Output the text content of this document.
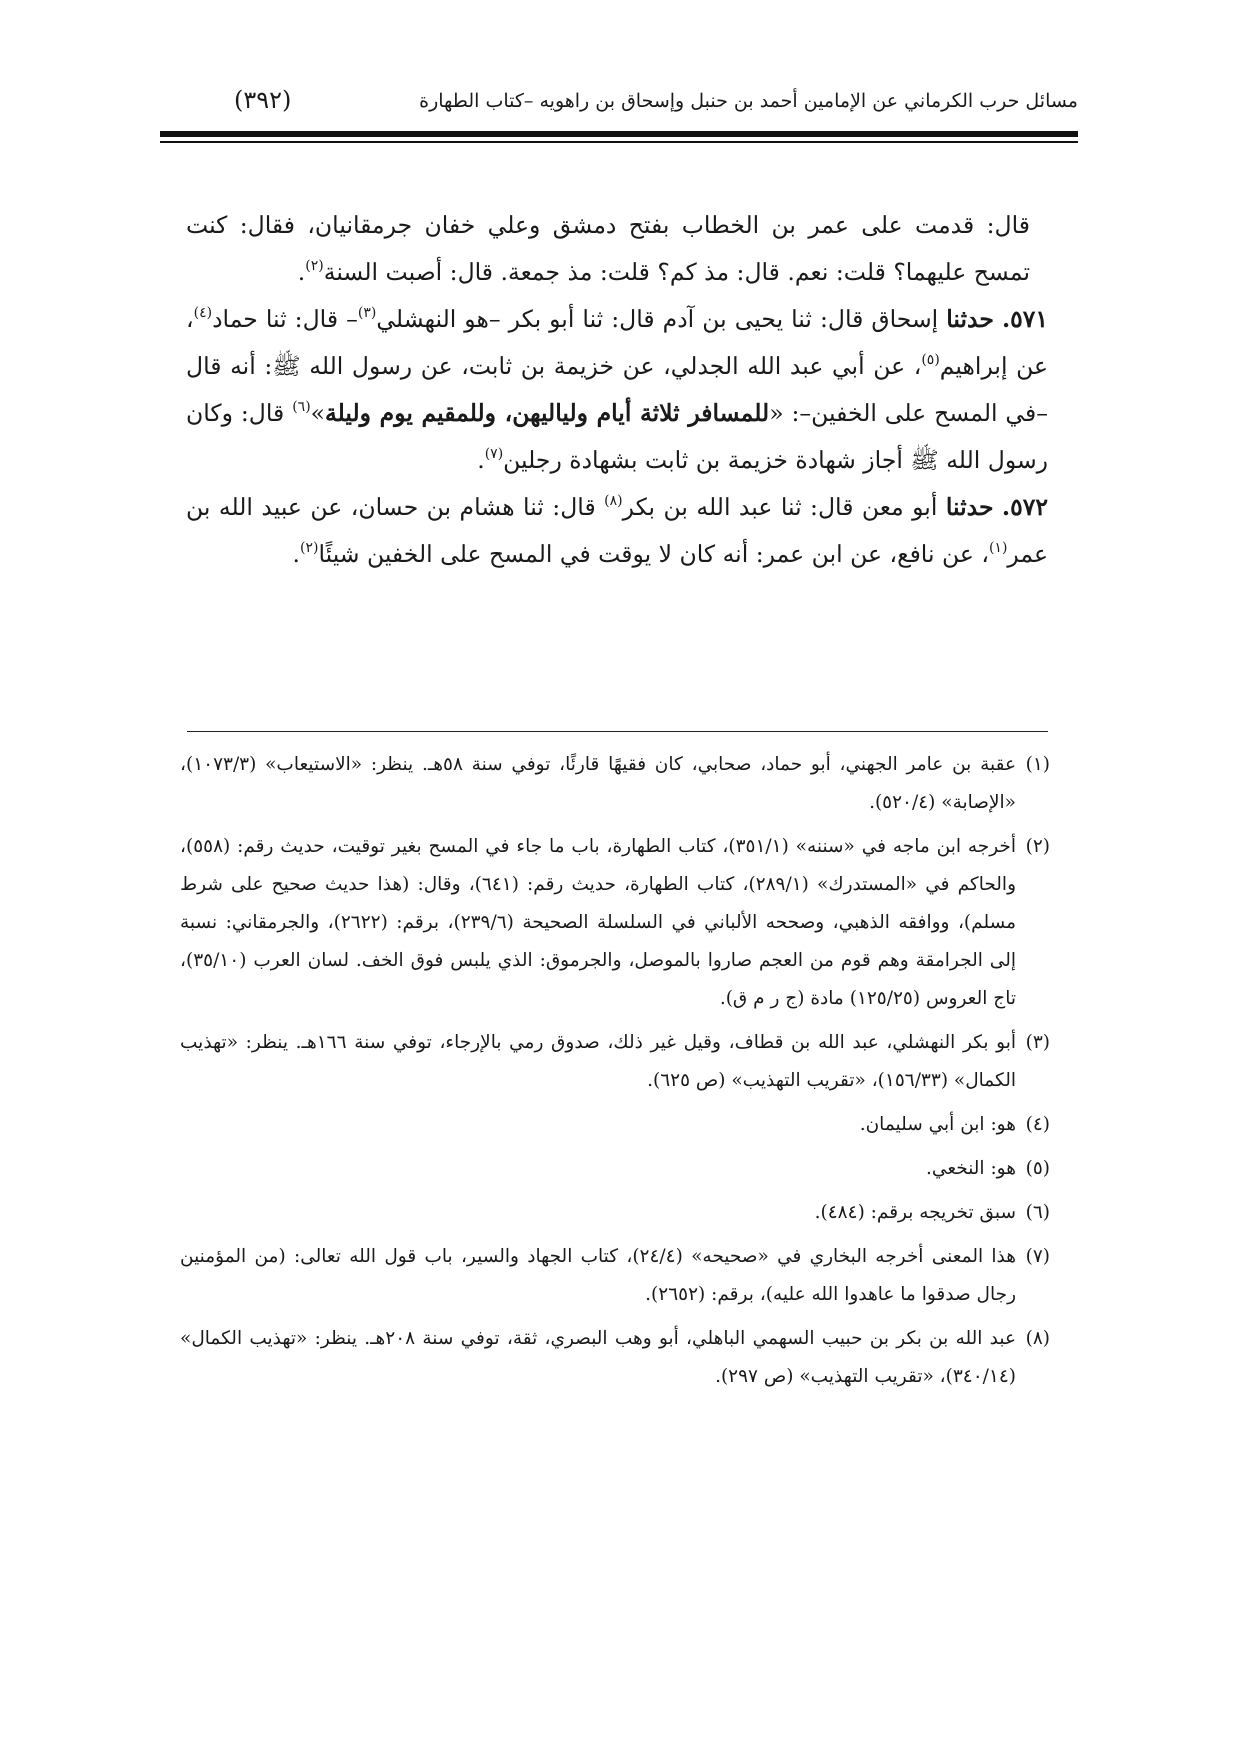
مسائل حرب الكرماني عن الإمامين أحمد بن حنبل وإسحاق بن راهويه –كتاب الطهارة
(٣٩٢)

قال: قدمت على عمر بن الخطاب بفتح دمشق وعلي خفان جرمقانيان، فقال: كنت تمسح عليهما؟ قلت: نعم. قال: مذ كم؟ قلت: مذ جمعة. قال: أصبت السنة$^{(٢)}$.

٥٧١. حدثنا إسحاق قال: ثنا يحيى بن آدم قال: ثنا أبو بكر –هو النهشلي$^{(٣)}$– قال: ثنا حماد$^{(٤)}$، عن إبراهيم$^{(٥)}$، عن أبي عبد الله الجدلي، عن خزيمة بن ثابت، عن رسول الله ﷺ: أنه قال –في المسح على الخفين–: «للمسافر ثلاثة أيام ولياليهن، وللمقيم يوم وليلة»$^{(٦)}$ قال: وكان رسول الله ﷺ أجاز شهادة خزيمة بن ثابت بشهادة رجلين$^{(٧)}$.

٥٧٢. حدثنا أبو معن قال: ثنا عبد الله بن بكر$^{(٨)}$ قال: ثنا هشام بن حسان، عن عبيد الله بن عمر$^{(١)}$، عن نافع، عن ابن عمر: أنه كان لا يوقت في المسح على الخفين شيئًا$^{(٢)}$.

(١)عقبة بن عامر الجهني، أبو حماد، صحابي، كان فقيهًا قارئًا، توفي سنة ٥٨هـ. ينظر: «الاستيعاب» (١٠٧٣/٣)، «الإصابة» (٥٢٠/٤).

(٢)أخرجه ابن ماجه في «سننه» (٣٥١/١)، كتاب الطهارة، باب ما جاء في المسح بغير توقيت، حديث رقم: (٥٥٨)، والحاكم في «المستدرك» (٢٨٩/١)، كتاب الطهارة، حديث رقم: (٦٤١)، وقال: (هذا حديث صحيح على شرط مسلم)، ووافقه الذهبي، وصححه الألباني في السلسلة الصحيحة (٢٣٩/٦)، برقم: (٢٦٢٢)، والجرمقاني: نسبة إلى الجرامقة وهم قوم من العجم صاروا بالموصل، والجرموق: الذي يلبس فوق الخف. لسان العرب (٣٥/١٠)، تاج العروس (١٢٥/٢٥) مادة (ج ر م ق).

(٣)أبو بكر النهشلي، عبد الله بن قطاف، وقيل غير ذلك، صدوق رمي بالإرجاء، توفي سنة ١٦٦هـ. ينظر: «تهذيب الكمال» (١٥٦/٣٣)، «تقريب التهذيب» (ص ٦٢٥).

(٤)هو: ابن أبي سليمان.

(٥)هو: النخعي.

(٦)سبق تخريجه برقم: (٤٨٤).

(٧)هذا المعنى أخرجه البخاري في «صحيحه» (٢٤/٤)، كتاب الجهاد والسير، باب قول الله تعالى: (من المؤمنين رجال صدقوا ما عاهدوا الله عليه)، برقم: (٢٦٥٢).

(٨)عبد الله بن بكر بن حبيب السهمي الباهلي، أبو وهب البصري، ثقة، توفي سنة ٢٠٨هـ. ينظر: «تهذيب الكمال» (٣٤٠/١٤)، «تقريب التهذيب» (ص ٢٩٧).
